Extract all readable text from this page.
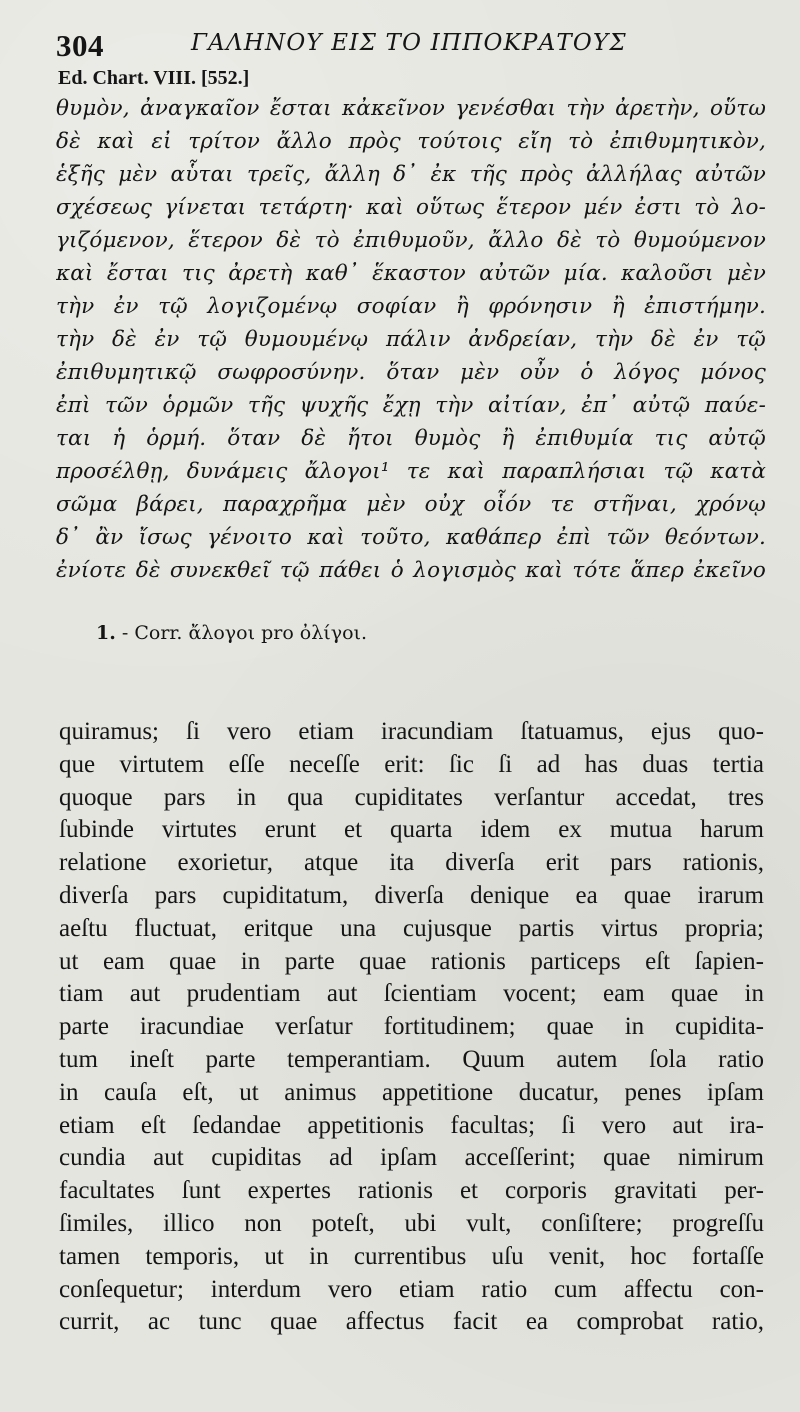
304	ΓΑΛΗΝΟΥ ΕΙΣ ΤΟ ΙΠΠΟΚΡΑΤΟΥΣ
Ed. Chart. VIII. [552.]
θυμὸν, ἀναγκαῖον ἔσται κἀκεῖνον γενέσθαι τὴν ἀρετὴν, οὕτω
δὲ καὶ εἰ τρίτον ἄλλο πρὸς τούτοις εἴη τὸ ἐπιθυμητικὸν,
ἑξῆς μὲν αὗται τρεῖς, ἄλλη δ᾽ ἐκ τῆς πρὸς ἀλλήλας αὐτῶν
σχέσεως γίνεται τετάρτη· καὶ οὕτως ἕτερον μέν ἐστι τὸ λο-
γιζόμενον, ἕτερον δὲ τὸ ἐπιθυμοῦν, ἄλλο δὲ τὸ θυμούμενον
καὶ ἔσται τις ἀρετὴ καθ᾽ ἕκαστον αὐτῶν μία. καλοῦσι μὲν
τὴν ἐν τῷ λογιζομένῳ σοφίαν ἢ φρόνησιν ἢ ἐπιστήμην.
τὴν δὲ ἐν τῷ θυμουμένῳ πάλιν ἀνδρείαν, τὴν δὲ ἐν τῷ
ἐπιθυμητικῷ σωφροσύνην. ὅταν μὲν οὖν ὁ λόγος μόνος
ἐπὶ τῶν ὁρμῶν τῆς ψυχῆς ἔχῃ τὴν αἰτίαν, ἐπ᾽ αὐτῷ παύε-
ται ἡ ὁρμή. ὅταν δὲ ἤτοι θυμὸς ἢ ἐπιθυμία τις αὐτῷ
προσέλθῃ, δυνάμεις ἄλογοι¹ τε καὶ παραπλήσιαι τῷ κατὰ
σῶμα βάρει, παραχρῆμα μὲν οὐχ οἷόν τε στῆναι, χρόνῳ
δ᾽ ἂν ἴσως γένοιτο καὶ τοῦτο, καθάπερ ἐπὶ τῶν θεόντων.
ἐνίοτε δὲ συνεκθεῖ τῷ πάθει ὁ λογισμὸς καὶ τότε ἅπερ ἐκεῖνο
1. - Corr. ἄλογοι pro ὀλίγοι.
quiramus; ſi vero etiam iracundiam ſtatuamus, ejus quo-
que virtutem eſſe neceſſe erit: ſic ſi ad has duas tertia
quoque pars in qua cupiditates verſantur accedat, tres
ſubinde virtutes erunt et quarta idem ex mutua harum
relatione exorietur, atque ita diverſa erit pars rationis,
diverſa pars cupiditatum, diverſa denique ea quae irarum
aeſtu fluctuat, eritque una cujusque partis virtus propria;
ut eam quae in parte quae rationis particeps eſt ſapien-
tiam aut prudentiam aut ſcientiam vocent; eam quae in
parte iracundiae verſatur fortitudinem; quae in cupidita-
tum ineſt parte temperantiam. Quum autem ſola ratio
in cauſa eſt, ut animus appetitione ducatur, penes ipſam
etiam eſt ſedandae appetitionis facultas; ſi vero aut ira-
cundia aut cupiditas ad ipſam acceſſerint; quae nimirum
facultates ſunt expertes rationis et corporis gravitati per-
ſimiles, illico non poteſt, ubi vult, conſiſtere; progreſſu
tamen temporis, ut in currentibus uſu venit, hoc fortaſſe
conſequetur; interdum vero etiam ratio cum affectu con-
currit, ac tunc quae affectus facit ea comprobat ratio,
